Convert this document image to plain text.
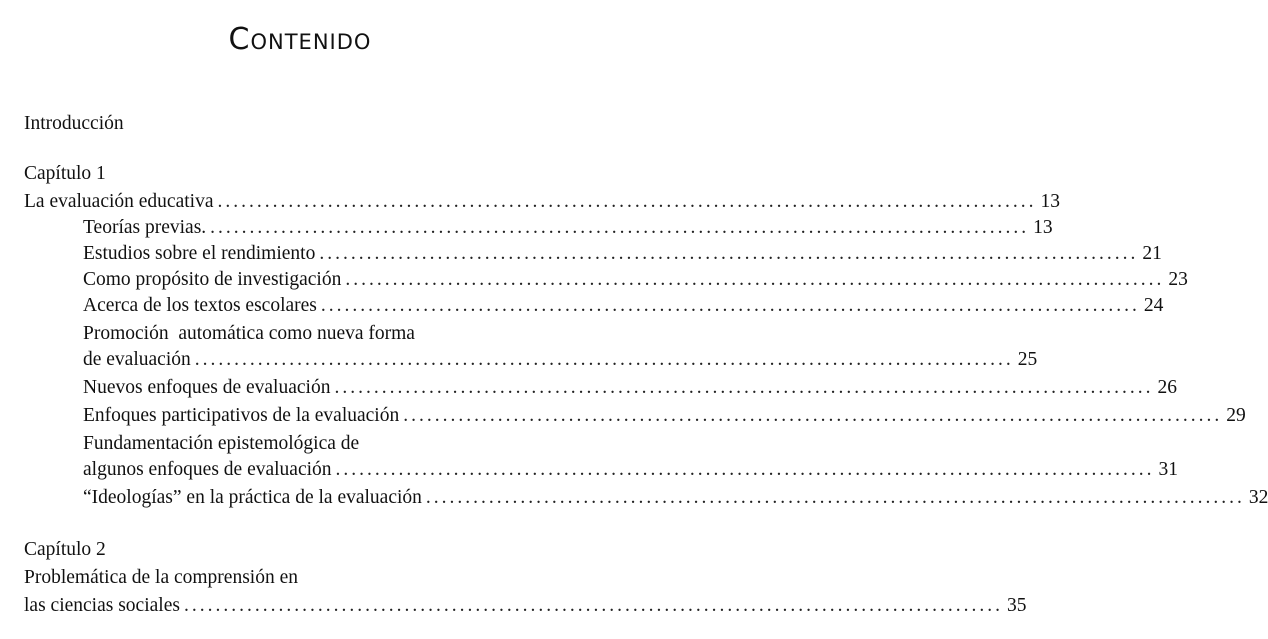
Contenido
Introducción
Capítulo 1
La evaluación educativa ........................................................................................................ 13
Teorías previas. ........................................................................................................ 13
Estudios sobre el rendimiento ........................................................................................................ 21
Como propósito de investigación ........................................................................................................ 23
Acerca de los textos escolares ........................................................................................................ 24
Promoción  automática como nueva forma
de evaluación ........................................................................................................ 25
Nuevos enfoques de evaluación ........................................................................................................ 26
Enfoques participativos de la evaluación ........................................................................................................ 29
Fundamentación epistemológica de
algunos enfoques de evaluación ........................................................................................................ 31
“Ideologías” en la práctica de la evaluación ........................................................................................................ 32
Capítulo 2
Problemática de la comprensión en
las ciencias sociales ........................................................................................................ 35
